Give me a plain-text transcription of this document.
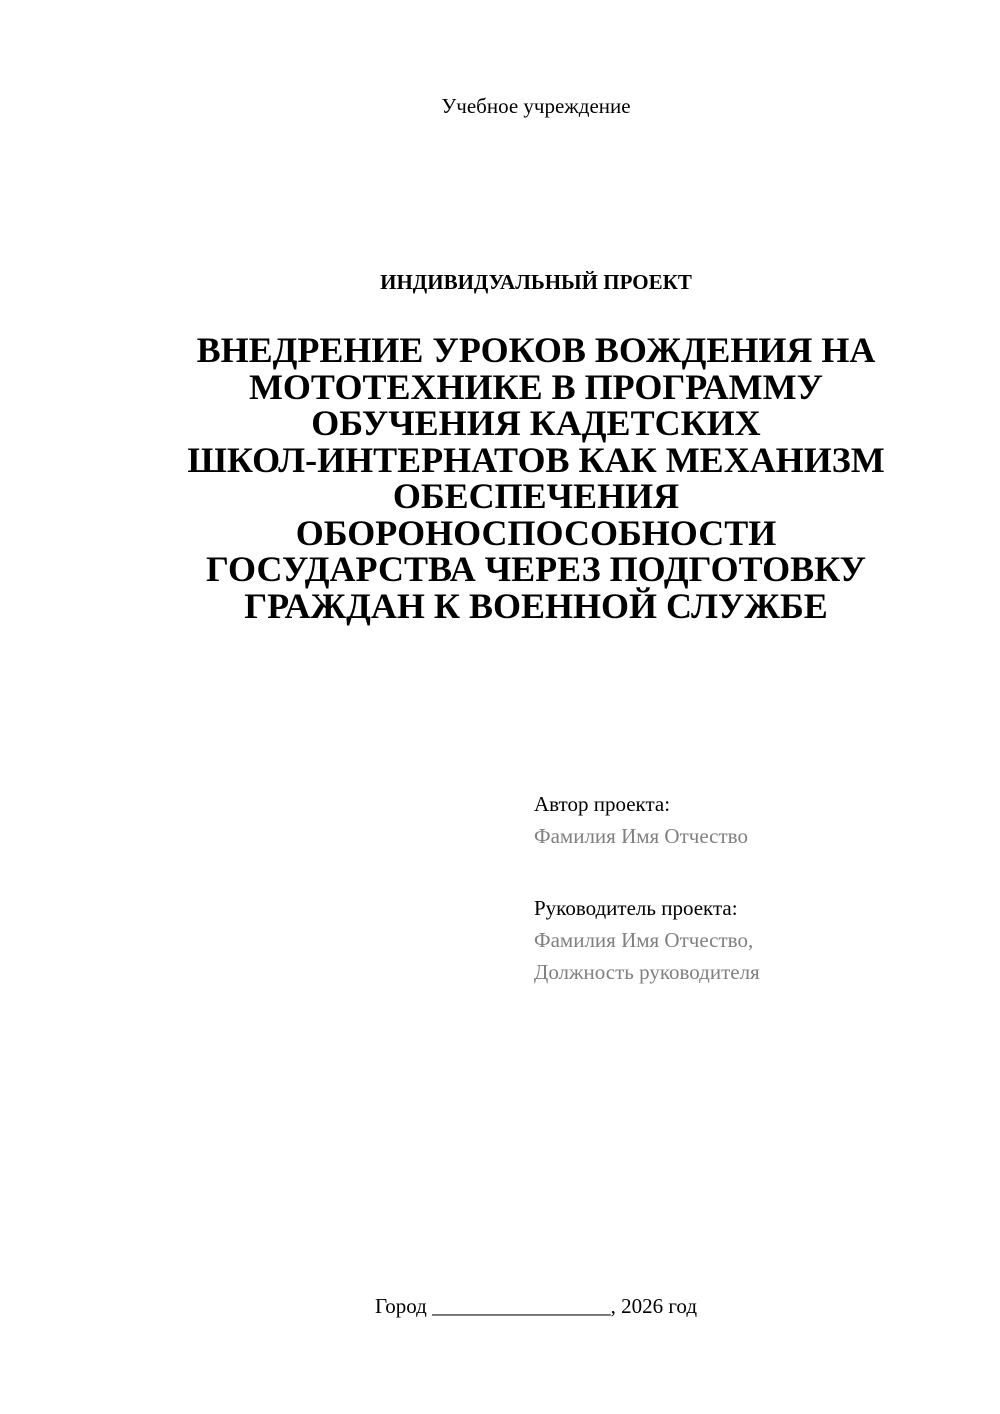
Учебное учреждение
ИНДИВИДУАЛЬНЫЙ ПРОЕКТ
ВНЕДРЕНИЕ УРОКОВ ВОЖДЕНИЯ НА
МОТОТЕХНИКЕ В ПРОГРАММУ
ОБУЧЕНИЯ КАДЕТСКИХ
ШКОЛ-ИНТЕРНАТОВ КАК МЕХАНИЗМ
ОБЕСПЕЧЕНИЯ
ОБОРОНОСПОСОБНОСТИ
ГОСУДАРСТВА ЧЕРЕЗ ПОДГОТОВКУ
ГРАЖДАН К ВОЕННОЙ СЛУЖБЕ
Автор проекта:
Фамилия Имя Отчество
Руководитель проекта:
Фамилия Имя Отчество,
Должность руководителя
Город _________________, 2026 год
